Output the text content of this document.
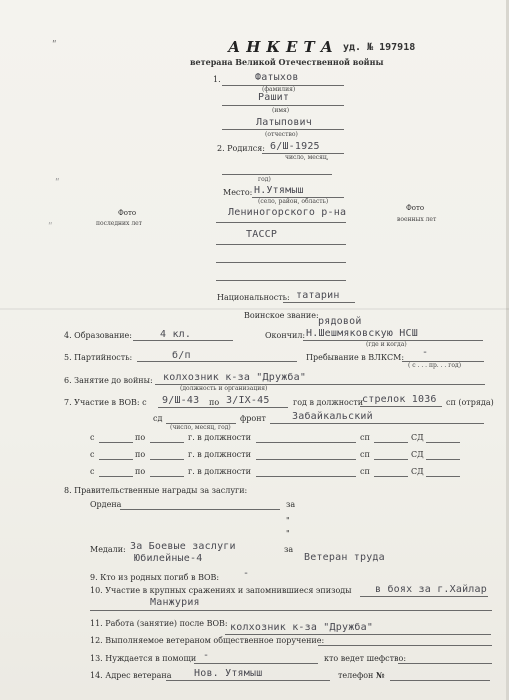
ʺ
ʺ
ʺ
АНКЕТА уд. № 197918
ветерана Великой Отечественной войны
1.	Фатыхов
(фамилия)
Рашит
(имя)
Латыпович
(отчество)
2. Родился: 6/Ш-1925
число, месяц,
год)
Место: Н.Утямыш
(село, район, область)
Фото
последних лет
Фото
военных лет
Лениногорского р-на
ТАССР
Национальность: татарин
Воинское звание:
рядовой
4. Образование:	4 кл.	Окончил: Н.Шешмяковскую НСШ
(где и когда)
5. Партийность:	б/п	Пребывание в ВЛКСМ: -
( с . . . пр. . . год)
6. Занятие до войны: колхозник к-за "Дружба"
(должность и организация)
7. Участие в ВОВ: с 9/Ш-43 по 3/IX-45	год в должности
стрелок 1036 сп (отряда)
сд
(число, месяц, год)
фронт	Забайкальский
с	по	г. в должности	сп	СД
с	по	г. в должности	сп	СД
с	по	г. в должности	сп	СД
8. Правительственные награды за заслуги:
Ордена	за
"
"
Медали: За Боевые заслуги	за
Юбилейные-4	Ветеран труда
9. Кто из родных погиб в ВОВ: -
10. Участие в крупных сражениях и запомнившиеся эпизоды в боях за г.Хайлар
Манжурия
11. Работа (занятие) после ВОВ: колхозник к-за "Дружба"
12. Выполняемое ветераном общественное поручение:
13. Нуждается в помощи -	кто ведет шефство:
14. Адрес ветерана Нов. Утямыш	телефон №
